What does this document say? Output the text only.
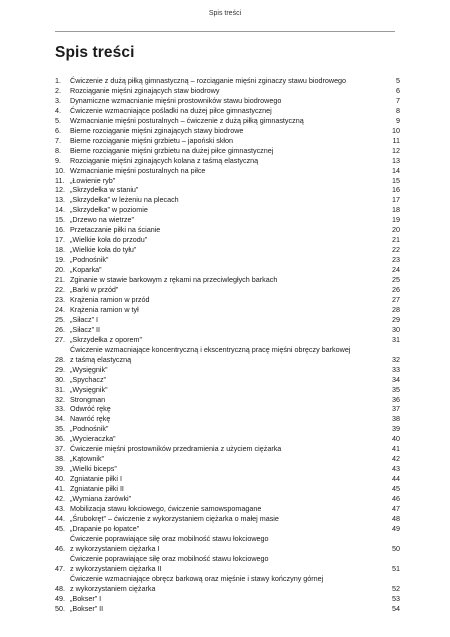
Spis treści
Spis treści
1.	Ćwiczenie z dużą piłką gimnastyczną – rozciąganie mięśni zginaczy stawu biodrowego	5
2.	Rozciąganie mięśni zginających staw biodrowy	6
3.	Dynamiczne wzmacnianie mięśni prostowników stawu biodrowego	7
4.	Ćwiczenie wzmacniające pośladki na dużej piłce gimnastycznej	8
5.	Wzmacnianie mięśni posturalnych – ćwiczenie z dużą piłką gimnastyczną	9
6.	Bierne rozciąganie mięśni zginających stawy biodrowe	10
7.	Bierne rozciąganie mięśni grzbietu – japoński skłon	11
8.	Bierne rozciąganie mięśni grzbietu na dużej piłce gimnastycznej	12
9.	Rozciąganie mięśni zginających kolana z taśmą elastyczną	13
10. Wzmacnianie mięśni posturalnych na piłce	14
11. „Łowienie ryb”	15
12. „Skrzydełka w staniu”	16
13. „Skrzydełka” w leżeniu na plecach	17
14. „Skrzydełka” w poziomie	18
15. „Drzewo na wietrze”	19
16. Przetaczanie piłki na ścianie	20
17. „Wielkie koła do przodu”	21
18. „Wielkie koła do tyłu”	22
19. „Podnośnik”	23
20. „Koparka”	24
21. Zginanie w stawie barkowym z rękami na przeciwległych barkach	25
22. „Barki w przód”	26
23. Krążenia ramion w przód	27
24. Krążenia ramion w tył	28
25. „Siłacz” I	29
26. „Siłacz” II	30
27. „Skrzydełka z oporem”	31
28.
Ćwiczenie wzmacniające koncentryczną i ekscentryczną pracę mięśni obręczy barkowej
z taśmą elastyczną	32
29. „Wysięgnik”	33
30. „Spychacz”	34
31. „Wysięgnik”	35
32. Strongman	36
33. Odwróć rękę	37
34. Nawróć rękę	38
35. „Podnośnik”	39
36. „Wycieraczka”	40
37. Ćwiczenie mięśni prostowników przedramienia z użyciem ciężarka	41
38. „Kątownik”	42
39. „Wielki biceps”	43
40. Zgniatanie piłki I	44
41. Zgniatanie piłki II	45
42. „Wymiana żarówki”	46
43. Mobilizacja stawu łokciowego, ćwiczenie samowspomagane	47
44. „Śrubokręt” – ćwiczenie z wykorzystaniem ciężarka o małej masie	48
45. „Drapanie po łopatce”	49
46.
Ćwiczenie poprawiające siłę oraz mobilność stawu łokciowego
z wykorzystaniem ciężarka I	50
47.
Ćwiczenie poprawiające siłę oraz mobilność stawu łokciowego
z wykorzystaniem ciężarka II	51
48.
Ćwiczenie wzmacniające obręcz barkową oraz mięśnie i stawy kończyny górnej
z wykorzystaniem ciężarka	52
49. „Bokser” I	53
50. „Bokser” II	54
